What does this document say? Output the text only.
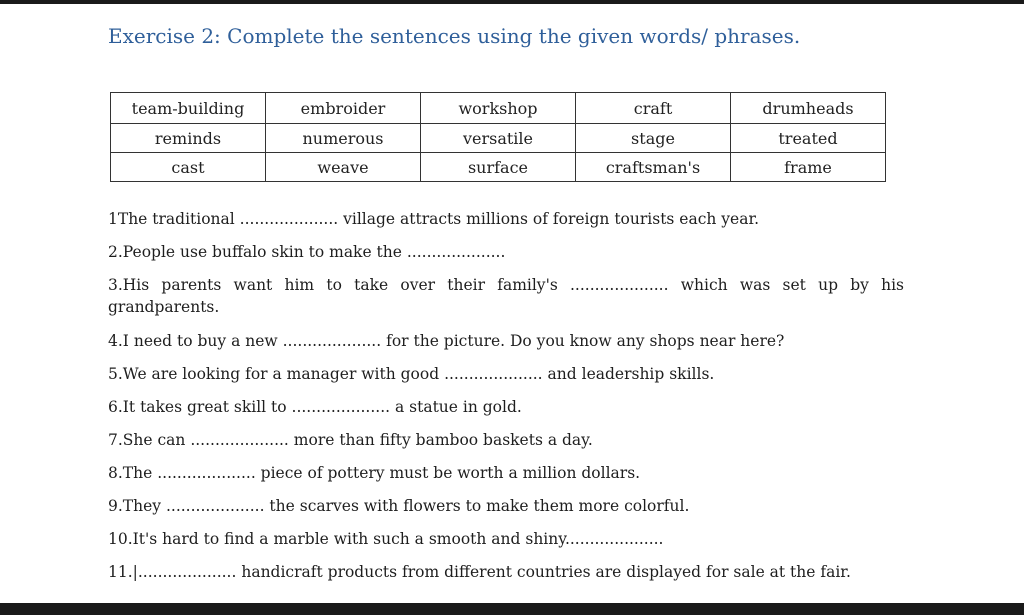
Exercise 2: Complete the sentences using the given words/ phrases.
team-building	embroider	workshop	craft	drumheads
reminds	numerous	versatile	stage	treated
cast	weave	surface	craftsman's	frame
1The traditional .................... village attracts millions of foreign tourists each year.
2.People use buffalo skin to make the ....................
3.His parents want him to take over their family's .................... which was set up by his grandparents.
4.I need to buy a new .................... for the picture. Do you know any shops near here?
5.We are looking for a manager with good .................... and leadership skills.
6.It takes great skill to .................... a statue in gold.
7.She can .................... more than fifty bamboo baskets a day.
8.The .................... piece of pottery must be worth a million dollars.
9.They .................... the scarves with flowers to make them more colorful.
10.It's hard to find a marble with such a smooth and shiny....................
11.|.................... handicraft products from different countries are displayed for sale at the fair.
